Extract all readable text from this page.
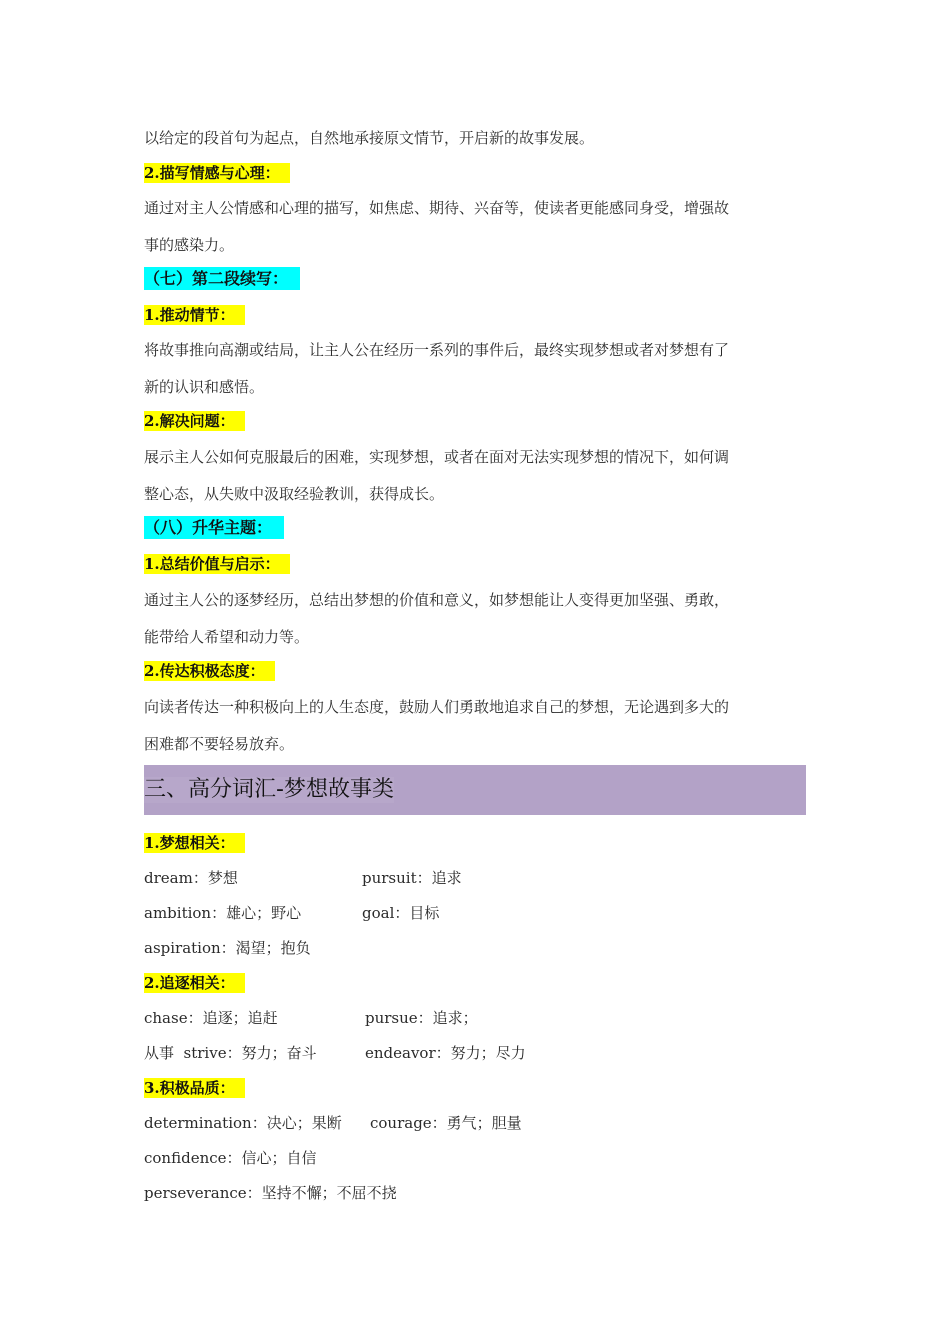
以给定的段首句为起点，自然地承接原文情节，开启新的故事发展。
2.描写情感与心理：
通过对主人公情感和心理的描写，如焦虑、期待、兴奋等，使读者更能感同身受，增强故
事的感染力。
（七）第二段续写：
1.推动情节：
将故事推向高潮或结局，让主人公在经历一系列的事件后，最终实现梦想或者对梦想有了
新的认识和感悟。
2.解决问题：
展示主人公如何克服最后的困难，实现梦想，或者在面对无法实现梦想的情况下，如何调
整心态，从失败中汲取经验教训，获得成长。
（八）升华主题：
1.总结价值与启示：
通过主人公的逐梦经历，总结出梦想的价值和意义，如梦想能让人变得更加坚强、勇敢，
能带给人希望和动力等。
2.传达积极态度：
向读者传达一种积极向上的人生态度，鼓励人们勇敢地追求自己的梦想，无论遇到多大的
困难都不要轻易放弃。
三、高分词汇-梦想故事类
1.梦想相关：
dream：梦想	pursuit：追求
ambition：雄心；野心	goal：目标
aspiration：渴望；抱负
2.追逐相关：
chase：追逐；追赶	pursue：追求；
从事  strive：努力；奋斗	endeavor：努力；尽力
3.积极品质：
determination：决心；果断 courage：勇气；胆量
confidence：信心；自信
perseverance：坚持不懈；不屈不挠
